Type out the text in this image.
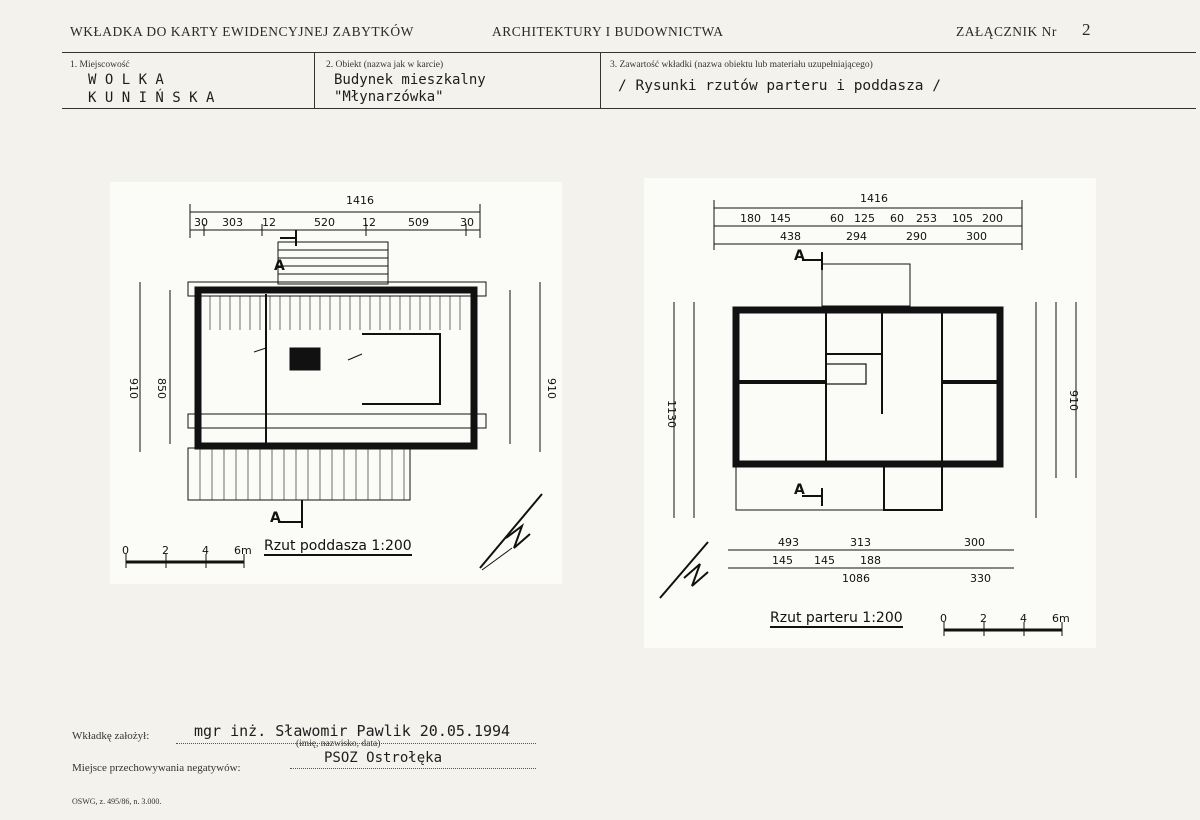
WKŁADKA DO KARTY EWIDENCYJNEJ ZABYTKÓW	ARCHITEKTURY I BUDOWNICTWA	ZAŁĄCZNIK Nr 2
1. Miejscowość
W O L K A
K U N I Ń S K A
2. Obiekt (nazwa jak w karcie)
Budynek mieszkalny
"Młynarzówka"
3. Zawartość wkładki (nazwa obiektu lub materiału uzupełniającego)
/ Rysunki rzutów parteru i poddasza /
1416
30 303 12	520 12	509	30
910 850	910
A
A
0	2	4 6m Rzut poddasza 1:200
1416
180 145	60 125 60 253 105 200
438	294	290	300
1130	910
145 145 188
493	313	300
1086	330
A
A
0	2	4 6m
Rzut parteru 1:200
Wkładkę założył:	mgr inż. Sławomir Pawlik 20.05.1994
(imię, nazwisko, data)
Miejsce przechowywania negatywów:
PSOZ Ostrołęka
OSWG, z. 495/86, n. 3.000.
